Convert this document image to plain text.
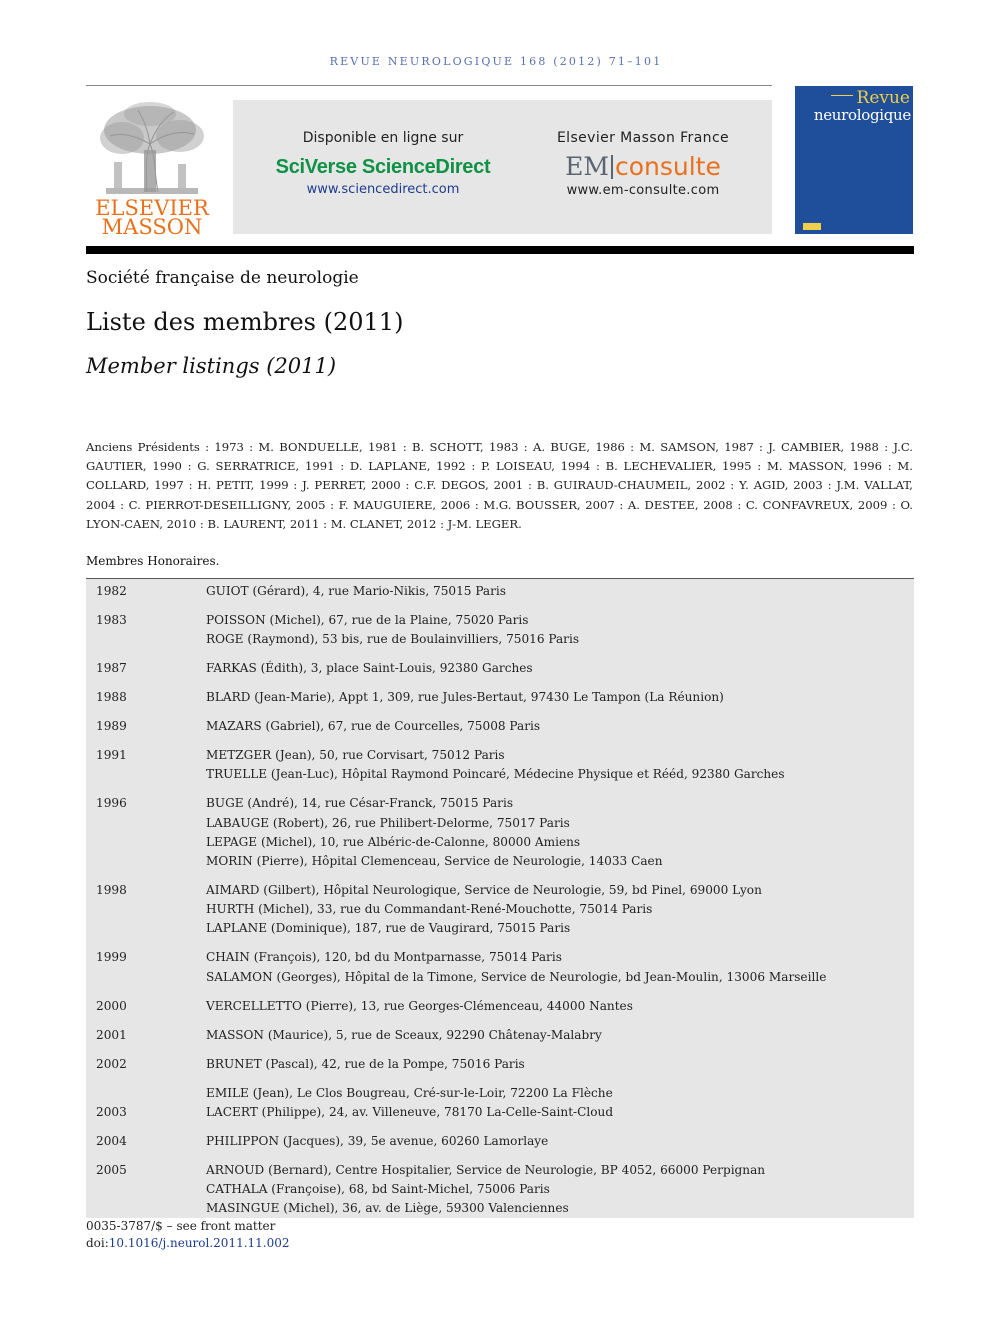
REVUE NEUROLOGIQUE 168 (2012) 71–101
ELSEVIER
MASSON
Disponible en ligne sur
SciVerse ScienceDirect
www.sciencedirect.com
Elsevier Masson France
EM consulte
www.em-consulte.com
Revue
neurologique
Société française de neurologie
Liste des membres (2011)
Member listings (2011)

Anciens Présidents : 1973 : M. BONDUELLE, 1981 : B. SCHOTT, 1983 : A. BUGE, 1986 : M. SAMSON, 1987 : J. CAMBIER, 1988 : J.C. GAUTIER, 1990 : G. SERRATRICE, 1991 : D. LAPLANE, 1992 : P. LOISEAU, 1994 : B. LECHEVALIER, 1995 : M. MASSON, 1996 : M. COLLARD, 1997 : H. PETIT, 1999 : J. PERRET, 2000 : C.F. DEGOS, 2001 : B. GUIRAUD-CHAUMEIL, 2002 : Y. AGID, 2003 : J.M. VALLAT, 2004 : C. PIERROT-DESEILLIGNY, 2005 : F. MAUGUIERE, 2006 : M.G. BOUSSER, 2007 : A. DESTEE, 2008 : C. CONFAVREUX, 2009 : O. LYON-CAEN, 2010 : B. LAURENT, 2011 : M. CLANET, 2012 : J-M. LEGER.

Membres Honoraires.
1982	GUIOT (Gérard), 4, rue Mario-Nikis, 75015 Paris

1983	POISSON (Michel), 67, rue de la Plaine, 75020 Paris
ROGE (Raymond), 53 bis, rue de Boulainvilliers, 75016 Paris

1987	FARKAS (Édith), 3, place Saint-Louis, 92380 Garches

1988	BLARD (Jean-Marie), Appt 1, 309, rue Jules-Bertaut, 97430 Le Tampon (La Réunion)

1989	MAZARS (Gabriel), 67, rue de Courcelles, 75008 Paris

1991	METZGER (Jean), 50, rue Corvisart, 75012 Paris
TRUELLE (Jean-Luc), Hôpital Raymond Poincaré, Médecine Physique et Rééd, 92380 Garches

1996	BUGE (André), 14, rue César-Franck, 75015 Paris
LABAUGE (Robert), 26, rue Philibert-Delorme, 75017 Paris
LEPAGE (Michel), 10, rue Albéric-de-Calonne, 80000 Amiens
MORIN (Pierre), Hôpital Clemenceau, Service de Neurologie, 14033 Caen

1998	AIMARD (Gilbert), Hôpital Neurologique, Service de Neurologie, 59, bd Pinel, 69000 Lyon
HURTH (Michel), 33, rue du Commandant-René-Mouchotte, 75014 Paris
LAPLANE (Dominique), 187, rue de Vaugirard, 75015 Paris

1999	CHAIN (François), 120, bd du Montparnasse, 75014 Paris
SALAMON (Georges), Hôpital de la Timone, Service de Neurologie, bd Jean-Moulin, 13006 Marseille

2000	VERCELLETTO (Pierre), 13, rue Georges-Clémenceau, 44000 Nantes

2001	MASSON (Maurice), 5, rue de Sceaux, 92290 Châtenay-Malabry

2002	BRUNET (Pascal), 42, rue de la Pompe, 75016 Paris

2003	EMILE (Jean), Le Clos Bougreau, Cré-sur-le-Loir, 72200 La Flèche
LACERT (Philippe), 24, av. Villeneuve, 78170 La-Celle-Saint-Cloud

2004	PHILIPPON (Jacques), 39, 5e avenue, 60260 Lamorlaye

2005	ARNOUD (Bernard), Centre Hospitalier, Service de Neurologie, BP 4052, 66000 Perpignan
CATHALA (Françoise), 68, bd Saint-Michel, 75006 Paris
MASINGUE (Michel), 36, av. de Liège, 59300 Valenciennes
0035-3787/$ – see front matter
doi:10.1016/j.neurol.2011.11.002
